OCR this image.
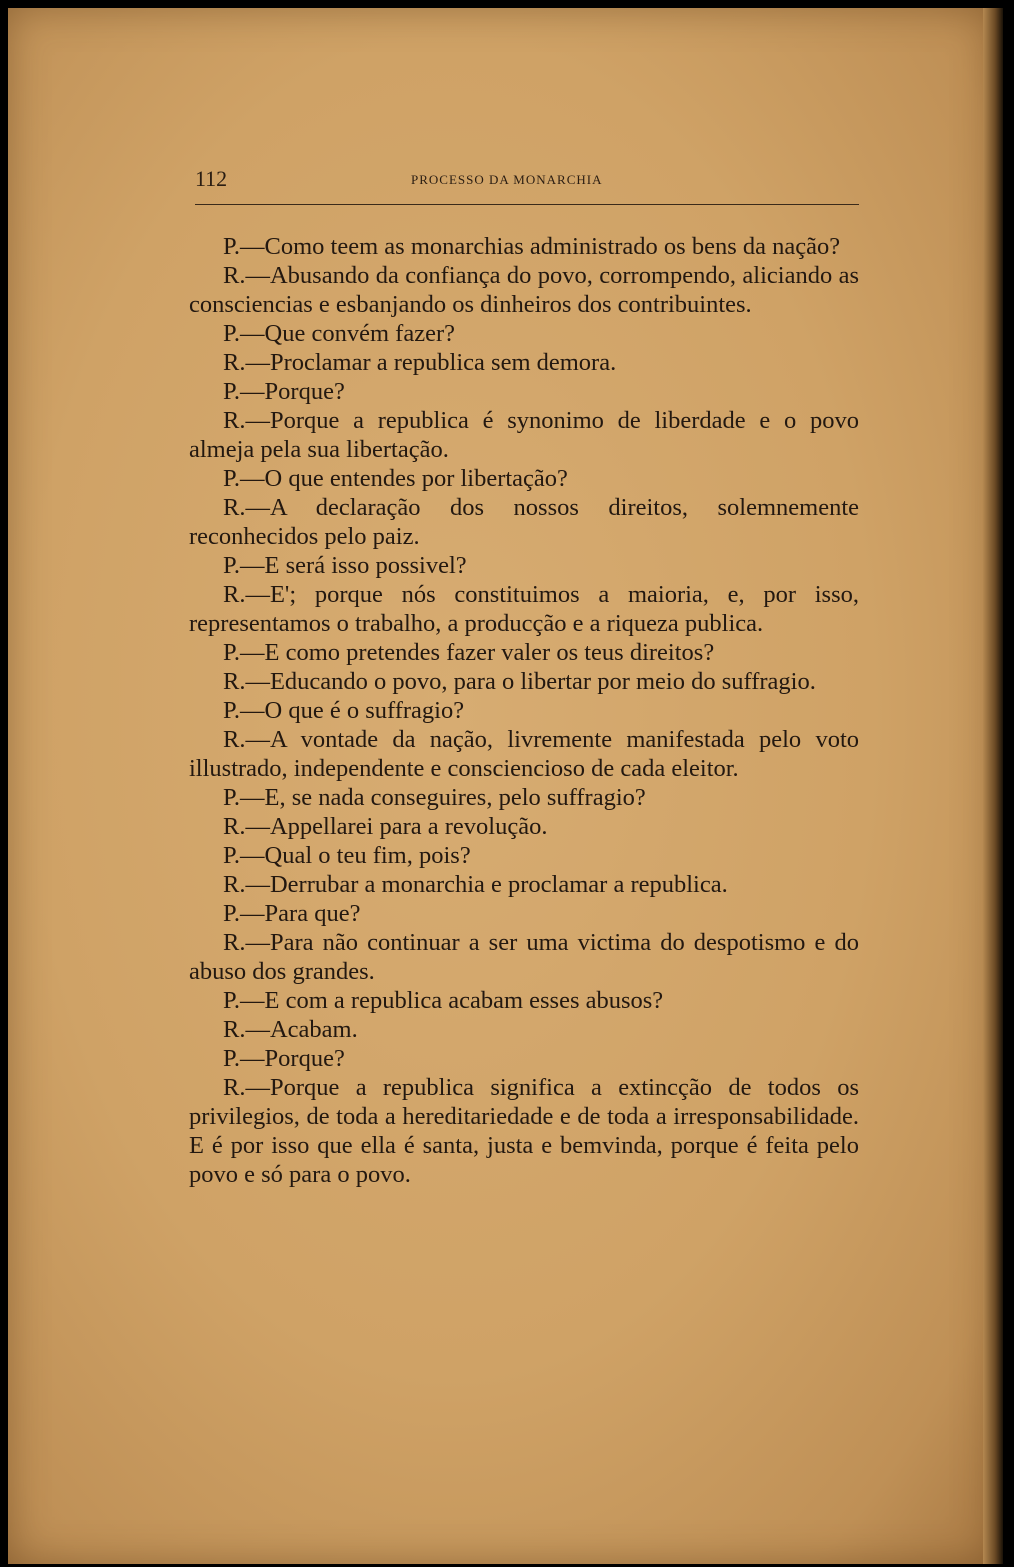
112	PROCESSO DA MONARCHIA

P.—Como teem as monarchias administrado os bens da nação?

R.—Abusando da confiança do povo, corrompendo, aliciando as consciencias e esbanjando os dinheiros dos contribuintes.

P.—Que convém fazer?

R.—Proclamar a republica sem demora.

P.—Porque?

R.—Porque a republica é synonimo de liberdade e o povo almeja pela sua libertação.

P.—O que entendes por libertação?

R.—A declaração dos nossos direitos, solemnemente reconhecidos pelo paiz.

P.—E será isso possivel?

R.—E'; porque nós constituimos a maioria, e, por isso, representamos o trabalho, a producção e a riqueza publica.

P.—E como pretendes fazer valer os teus direitos?

R.—Educando o povo, para o libertar por meio do suffragio.

P.—O que é o suffragio?

R.—A vontade da nação, livremente manifestada pelo voto illustrado, independente e consciencioso de cada eleitor.

P.—E, se nada conseguires, pelo suffragio?

R.—Appellarei para a revolução.

P.—Qual o teu fim, pois?

R.—Derrubar a monarchia e proclamar a republica.

P.—Para que?

R.—Para não continuar a ser uma victima do despotismo e do abuso dos grandes.

P.—E com a republica acabam esses abusos?

R.—Acabam.

P.—Porque?

R.—Porque a republica significa a extincção de todos os privilegios, de toda a hereditariedade e de toda a irresponsabilidade. E é por isso que ella é santa, justa e bemvinda, porque é feita pelo povo e só para o povo.
